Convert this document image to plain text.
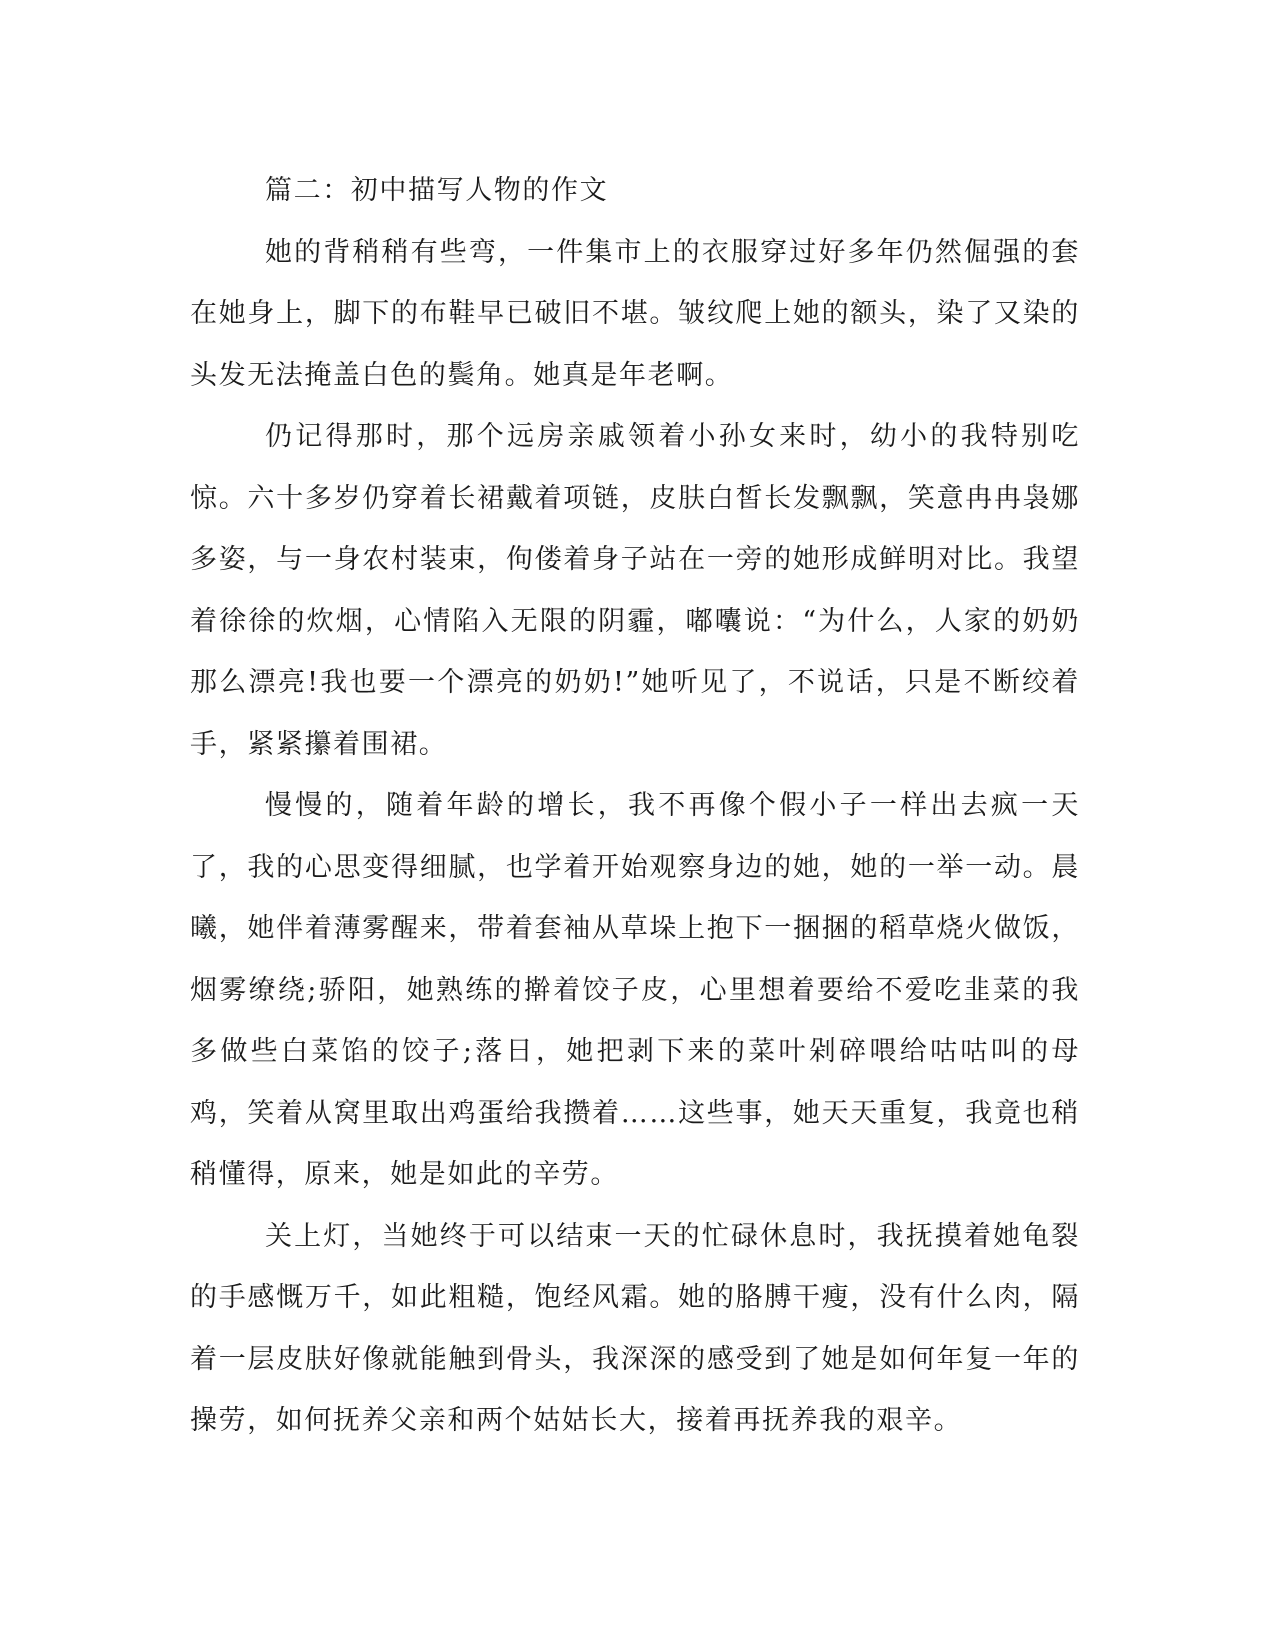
篇二：初中描写人物的作文

她的背稍稍有些弯，一件集市上的衣服穿过好多年仍然倔强的套在她身上，脚下的布鞋早已破旧不堪。皱纹爬上她的额头，染了又染的头发无法掩盖白色的鬓角。她真是年老啊。

仍记得那时，那个远房亲戚领着小孙女来时，幼小的我特别吃惊。六十多岁仍穿着长裙戴着项链，皮肤白皙长发飘飘，笑意冉冉袅娜多姿，与一身农村装束，佝偻着身子站在一旁的她形成鲜明对比。我望着徐徐的炊烟，心情陷入无限的阴霾，嘟囔说：“为什么，人家的奶奶那么漂亮!我也要一个漂亮的奶奶!”她听见了，不说话，只是不断绞着手，紧紧攥着围裙。

慢慢的，随着年龄的增长，我不再像个假小子一样出去疯一天了，我的心思变得细腻，也学着开始观察身边的她，她的一举一动。晨曦，她伴着薄雾醒来，带着套袖从草垛上抱下一捆捆的稻草烧火做饭，烟雾缭绕;骄阳，她熟练的擀着饺子皮，心里想着要给不爱吃韭菜的我多做些白菜馅的饺子;落日，她把剥下来的菜叶剁碎喂给咕咕叫的母鸡，笑着从窝里取出鸡蛋给我攒着……这些事，她天天重复，我竟也稍稍懂得，原来，她是如此的辛劳。

关上灯，当她终于可以结束一天的忙碌休息时，我抚摸着她龟裂的手感慨万千，如此粗糙，饱经风霜。她的胳膊干瘦，没有什么肉，隔着一层皮肤好像就能触到骨头，我深深的感受到了她是如何年复一年的操劳，如何抚养父亲和两个姑姑长大，接着再抚养我的艰辛。
